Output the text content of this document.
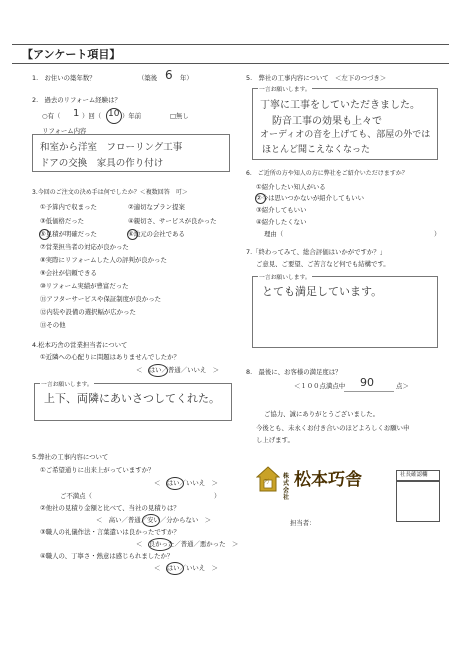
【アンケート項目】
1.　お住いの築年数？	（築後 6 年）
2.　過去のリフォーム経験は？
○有（ 1 ）回（ 10 ）年前	□無し
リフォーム内容
和室から洋室　フローリング工事
ドアの交換　家具の作り付け
3.今回のご注文の決め手は何でしたか？＜複数回答　可＞
①予算内で収まった	②適切なプラン提案
③低価格だった	④親切さ、サービスが良かった
⑤見積が明確だった	⑥地元の会社である
⑦営業担当者の対応が良かった
⑧実際にリフォームした人の評判が良かった
⑨会社が信頼できる
⑩リフォーム実績が豊富だった
⑪アフターサービスや保証制度が良かった
⑫内装や設備の選択幅が広かった
⑬その他
4.松本巧舎の営業担当者について
①近隣への心配りに問題はありませんでしたか？
＜　はい／普通／いいえ　＞
一言お願いします。
上下、両隣にあいさつしてくれた。
5.弊社の工事内容について
①ご希望通りに出来上がっていますか？
＜　はい／いいえ　＞
ご不満点（	）
②他社の見積り金額と比べて、当社の見積りは？
＜　高い／普通／安い／分からない　＞
③職人の礼儀作法・言葉遣いは良かったですか？
＜　良かった／普通／悪かった　＞
④職人の、丁寧さ・熱意は感じられましたか？
＜　はい／いいえ　＞
5.　弊社の工事内容について　＜左下のつづき＞
一言お願いします。
丁寧に工事をしていただきました。
防音工事の効果も上々で
オーディオの音を上げても、部屋の外では
ほとんど聞こえなくなった
6.　ご近所の方や知人の方に弊社をご紹介いただけますか？
①紹介したい知人がいる
②今は思いつかないが紹介してもいい
③紹介してもいい
④紹介したくない
理由（	）
7.「終わってみて、総合評価はいかがですか？」
ご意見、ご要望、ご苦言など何でも結構です。
一言お願いします。
とても満足しています。
8.　最後に、お客様の満足度は？
＜１００点満点中 90	点＞
ご協力、誠にありがとうございました。
今後とも、未永くお付き合いのほどよろしくお願い申
し上げます。
巧
株式会社
松本巧舎
担当者：

社長確認欄
